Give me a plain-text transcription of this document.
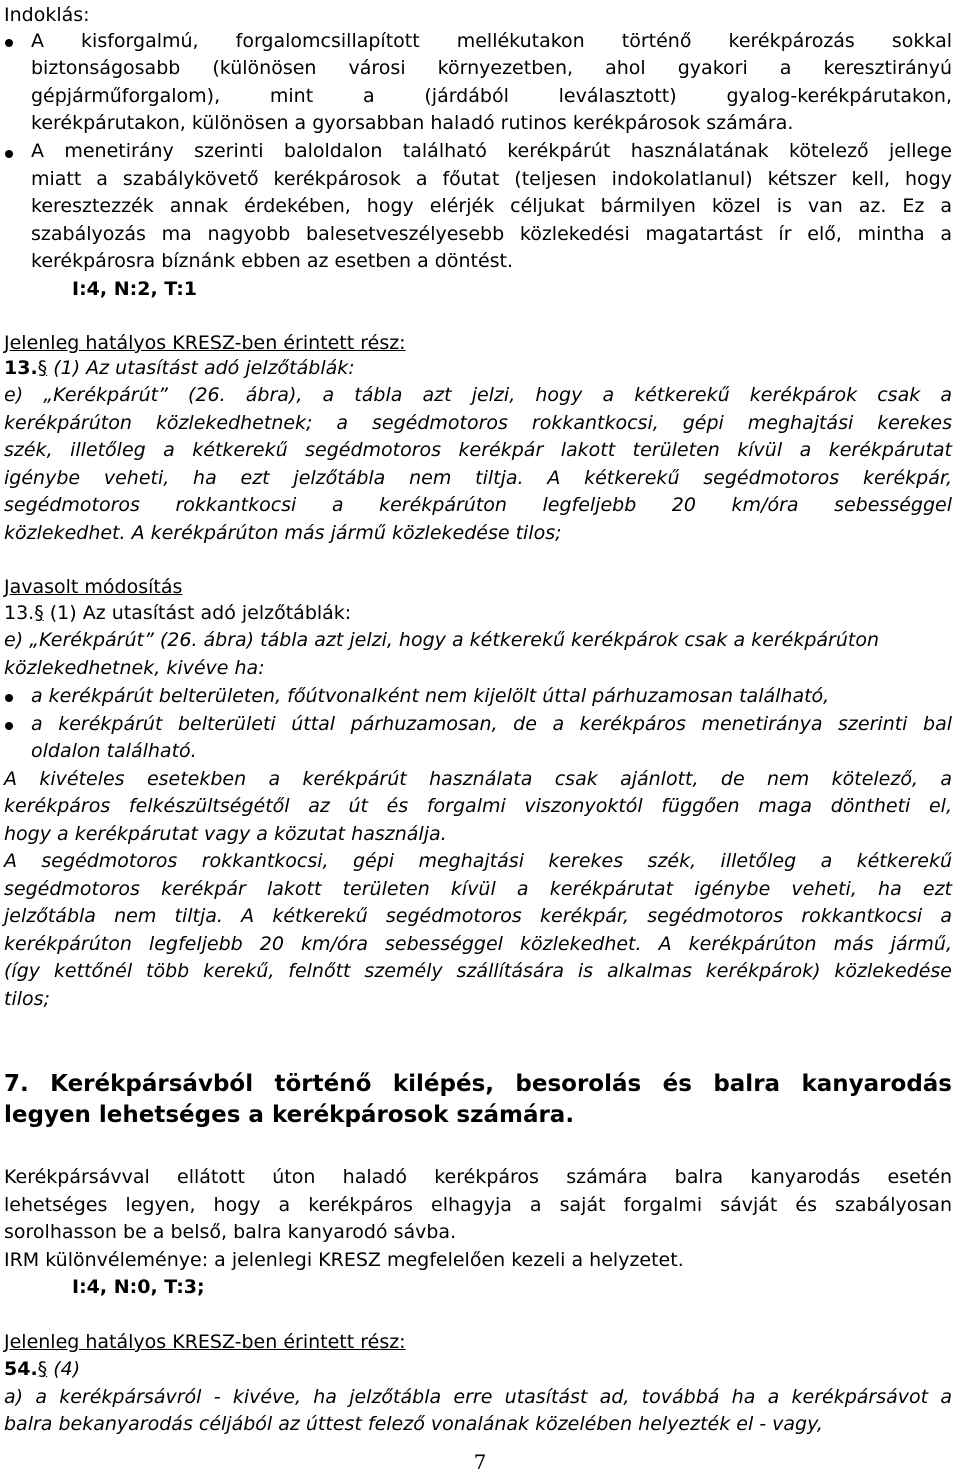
Indoklás:
A kisforgalmú, forgalomcsillapított mellékutakon történő kerékpározás sokkal
biztonságosabb (különösen városi környezetben, ahol gyakori a keresztirányú
gépjárműforgalom), mint a (járdából leválasztott) gyalog-kerékpárutakon,
kerékpárutakon, különösen a gyorsabban haladó rutinos kerékpárosok számára.
A menetirány szerinti baloldalon található kerékpárút használatának kötelező jellege
miatt a szabálykövető kerékpárosok a főutat (teljesen indokolatlanul) kétszer kell, hogy
keresztezzék annak érdekében, hogy elérjék céljukat bármilyen közel is van az. Ez a
szabályozás ma nagyobb balesetveszélyesebb közlekedési magatartást ír elő, mintha a
kerékpárosra bíznánk ebben az esetben a döntést.
I:4, N:2, T:1
Jelenleg hatályos KRESZ-ben érintett rész:
13.§ (1) Az utasítást adó jelzőtáblák:
e) „Kerékpárút” (26. ábra), a tábla azt jelzi, hogy a kétkerekű kerékpárok csak a
kerékpárúton közlekedhetnek; a segédmotoros rokkantkocsi, gépi meghajtási kerekes
szék, illetőleg a kétkerekű segédmotoros kerékpár lakott területen kívül a kerékpárutat
igénybe veheti, ha ezt jelzőtábla nem tiltja. A kétkerekű segédmotoros kerékpár,
segédmotoros rokkantkocsi a kerékpárúton legfeljebb 20 km/óra sebességgel
közlekedhet. A kerékpárúton más jármű közlekedése tilos;
Javasolt módosítás
13.§ (1) Az utasítást adó jelzőtáblák:
e) „Kerékpárút” (26. ábra) tábla azt jelzi, hogy a kétkerekű kerékpárok csak a kerékpárúton
közlekedhetnek, kivéve ha:
a kerékpárút belterületen, főútvonalként nem kijelölt úttal párhuzamosan található,
a kerékpárút belterületi úttal párhuzamosan, de a kerékpáros menetiránya szerinti bal
oldalon található.
A kivételes esetekben a kerékpárút használata csak ajánlott, de nem kötelező, a
kerékpáros felkészültségétől az út és forgalmi viszonyoktól függően maga döntheti el,
hogy a kerékpárutat vagy a közutat használja.
A segédmotoros rokkantkocsi, gépi meghajtási kerekes szék, illetőleg a kétkerekű
segédmotoros kerékpár lakott területen kívül a kerékpárutat igénybe veheti, ha ezt
jelzőtábla nem tiltja. A kétkerekű segédmotoros kerékpár, segédmotoros rokkantkocsi a
kerékpárúton legfeljebb 20 km/óra sebességgel közlekedhet. A kerékpárúton más jármű,
(így kettőnél több kerekű, felnőtt személy szállítására is alkalmas kerékpárok) közlekedése
tilos;
7. Kerékpársávból történő kilépés, besorolás és balra kanyarodás
legyen lehetséges a kerékpárosok számára.
Kerékpársávval ellátott úton haladó kerékpáros számára balra kanyarodás esetén
lehetséges legyen, hogy a kerékpáros elhagyja a saját forgalmi sávját és szabályosan
sorolhasson be a belső, balra kanyarodó sávba.
IRM különvéleménye: a jelenlegi KRESZ megfelelően kezeli a helyzetet.
I:4, N:0, T:3;
Jelenleg hatályos KRESZ-ben érintett rész:
54.§ (4)
a) a kerékpársávról - kivéve, ha jelzőtábla erre utasítást ad, továbbá ha a kerékpársávot a
balra bekanyarodás céljából az úttest felező vonalának közelében helyezték el - vagy,
7
